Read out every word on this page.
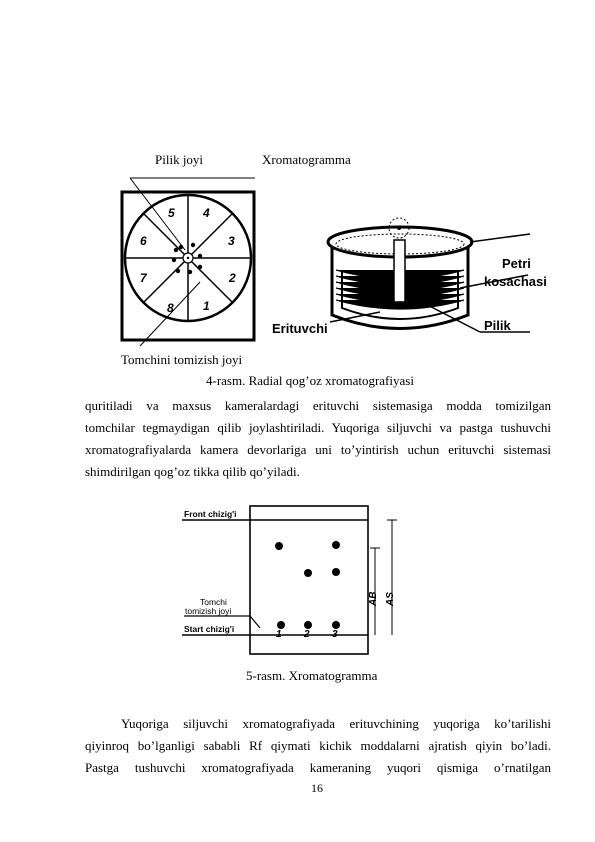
Pilik joyi	Xromatogramma
5 4
3
2
1
8
7
6
Erituvchi
Petri
kosachasi
Pilik
Tomchini tomizish joyi
4-rasm. Radial qog’oz xromatografiyasi
quritiladi va maxsus kameralardagi erituvchi sistemasiga modda tomizilgan
tomchilar tegmaydigan qilib joylashtiriladi. Yuqoriga siljuvchi va pastga tushuvchi
xromatografiyalarda kamera devorlariga uni to’yintirish uchun erituvchi sistemasi
shimdirilgan qog’oz tikka qilib qo’yiladi.
Front chizig'i
Tomchi
tomizish joyi
Start chizig'i	1 2 3
AB AS
5-rasm. Xromatogramma
Yuqoriga siljuvchi xromatografiyada erituvchining yuqoriga ko’tarilishi
qiyinroq bo’lganligi sababli Rf qiymati kichik moddalarni ajratish qiyin bo’ladi.
Pastga tushuvchi xromatografiyada kameraning yuqori qismiga o’rnatilgan
16
